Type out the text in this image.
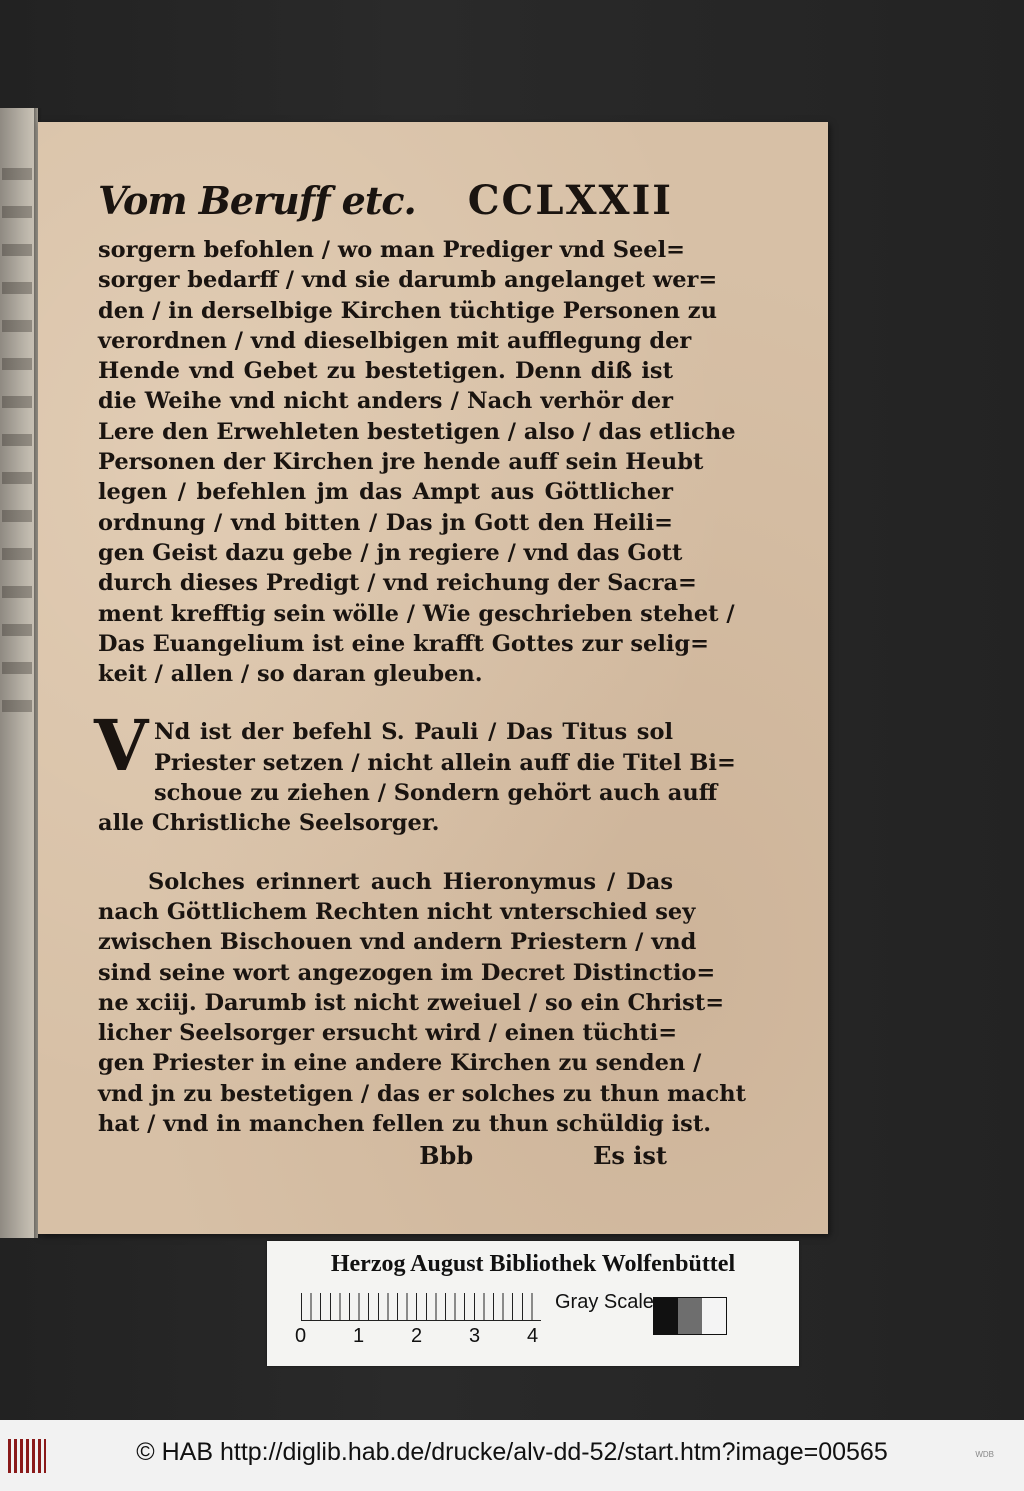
Vom Beruff etc. CCLXXII
sorgern befohlen / wo man Prediger vnd Seel=
sorger bedarff / vnd sie darumb angelanget wer=
den / in derselbige Kirchen tüchtige Personen zu
verordnen / vnd dieselbigen mit aufflegung der
Hende vnd Gebet zu bestetigen. Denn diß ist
die Weihe vnd nicht anders / Nach verhör der
Lere den Erwehleten bestetigen / also / das etliche
Personen der Kirchen jre hende auff sein Heubt
legen / befehlen jm das Ampt aus Göttlicher
ordnung / vnd bitten / Das jn Gott den Heili=
gen Geist dazu gebe / jn regiere / vnd das Gott
durch dieses Predigt / vnd reichung der Sacra=
ment krefftig sein wölle / Wie geschrieben stehet /
Das Euangelium ist eine krafft Gottes zur selig=
keit / allen / so daran gleuben.
V Nd ist der befehl S. Pauli / Das Titus sol
Priester setzen / nicht allein auff die Titel Bi=
schoue zu ziehen / Sondern gehört auch auff
alle Christliche Seelsorger.
Solches erinnert auch Hieronymus / Das
nach Göttlichem Rechten nicht vnterschied sey
zwischen Bischouen vnd andern Priestern / vnd
sind seine wort angezogen im Decret Distinctio=
ne xciij. Darumb ist nicht zweiuel / so ein Christ=
licher Seelsorger ersucht wird / einen tüchti=
gen Priester in eine andere Kirchen zu senden /
vnd jn zu bestetigen / das er solches zu thun macht
hat / vnd in manchen fellen zu thun schüldig ist.
Bbb	Es ist
Herzog August Bibliothek Wolfenbüttel
0 1 2 3 4
Gray Scale
© HAB http://diglib.hab.de/drucke/alv-dd-52/start.htm?image=00565	WDB
